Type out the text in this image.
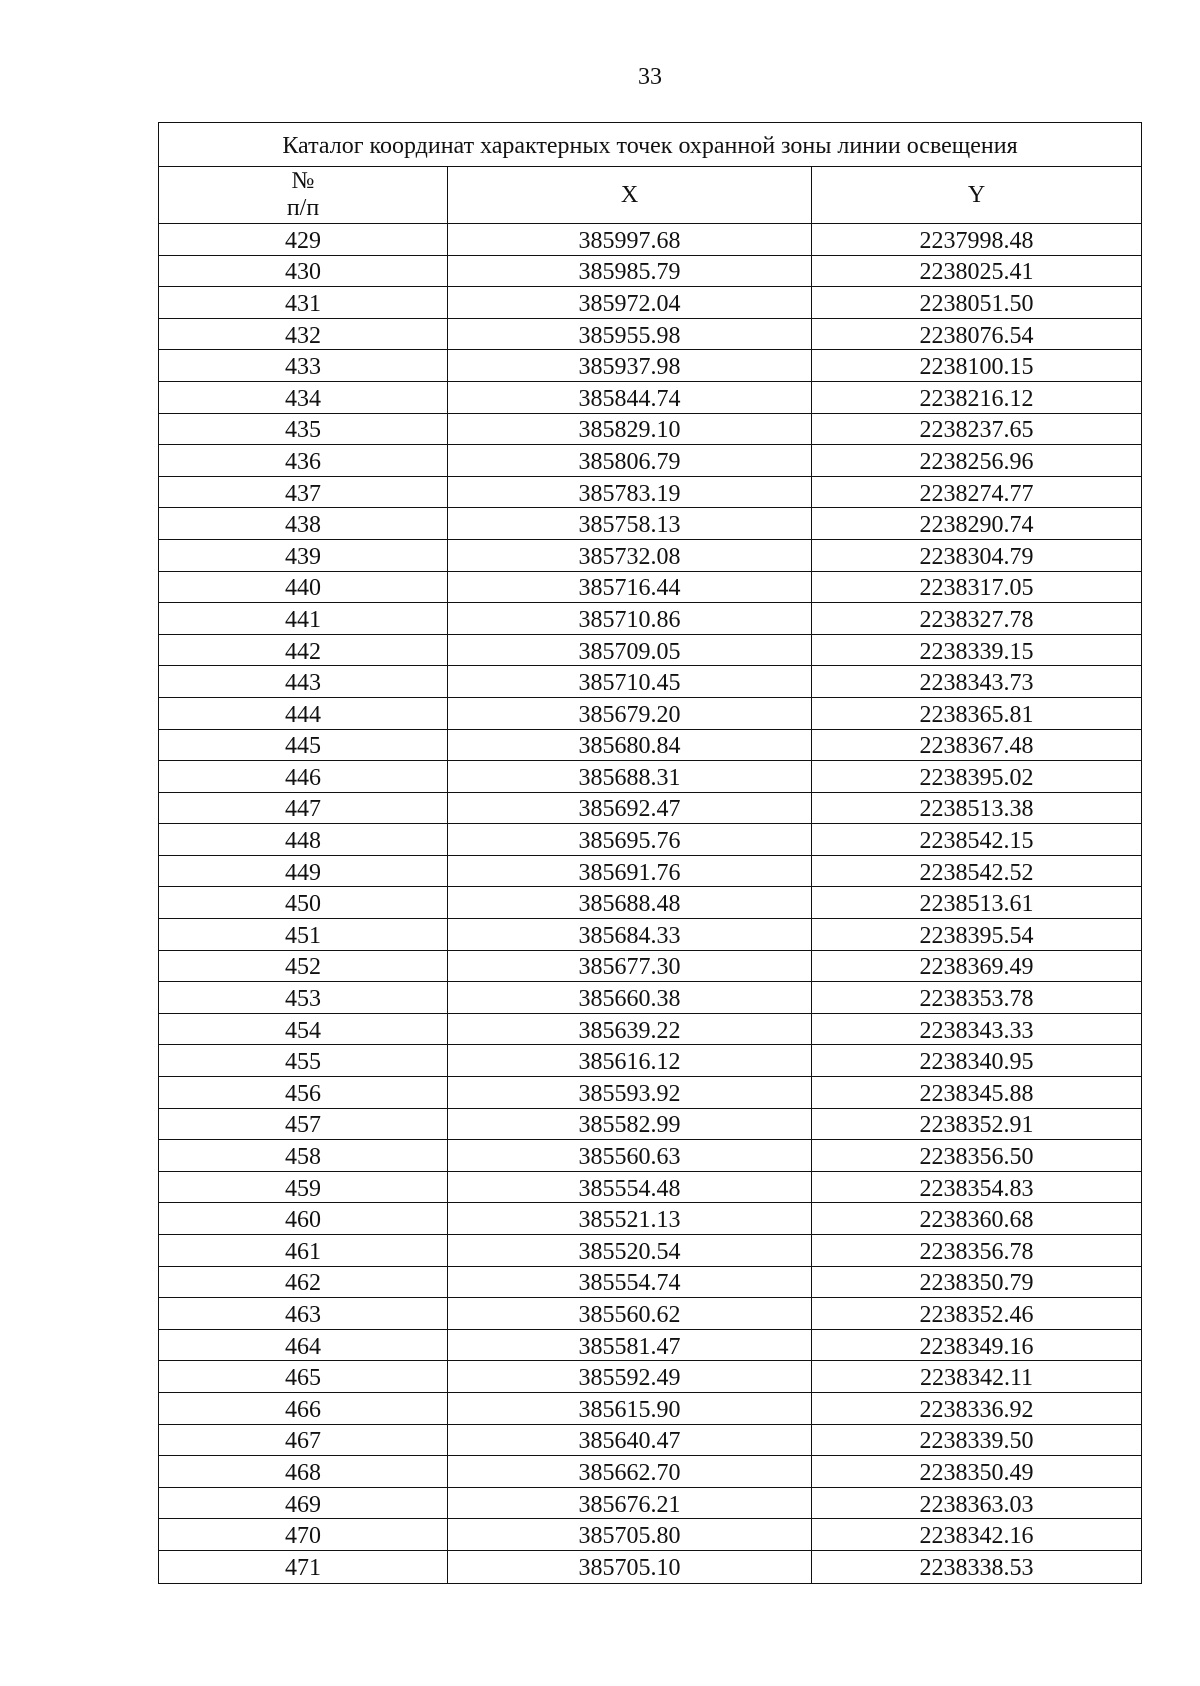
33
Каталог координат характерных точек охранной зоны линии освещения
№
п/п	X	Y
429	385997.68	2237998.48
430	385985.79	2238025.41
431	385972.04	2238051.50
432	385955.98	2238076.54
433	385937.98	2238100.15
434	385844.74	2238216.12
435	385829.10	2238237.65
436	385806.79	2238256.96
437	385783.19	2238274.77
438	385758.13	2238290.74
439	385732.08	2238304.79
440	385716.44	2238317.05
441	385710.86	2238327.78
442	385709.05	2238339.15
443	385710.45	2238343.73
444	385679.20	2238365.81
445	385680.84	2238367.48
446	385688.31	2238395.02
447	385692.47	2238513.38
448	385695.76	2238542.15
449	385691.76	2238542.52
450	385688.48	2238513.61
451	385684.33	2238395.54
452	385677.30	2238369.49
453	385660.38	2238353.78
454	385639.22	2238343.33
455	385616.12	2238340.95
456	385593.92	2238345.88
457	385582.99	2238352.91
458	385560.63	2238356.50
459	385554.48	2238354.83
460	385521.13	2238360.68
461	385520.54	2238356.78
462	385554.74	2238350.79
463	385560.62	2238352.46
464	385581.47	2238349.16
465	385592.49	2238342.11
466	385615.90	2238336.92
467	385640.47	2238339.50
468	385662.70	2238350.49
469	385676.21	2238363.03
470	385705.80	2238342.16
471	385705.10	2238338.53
